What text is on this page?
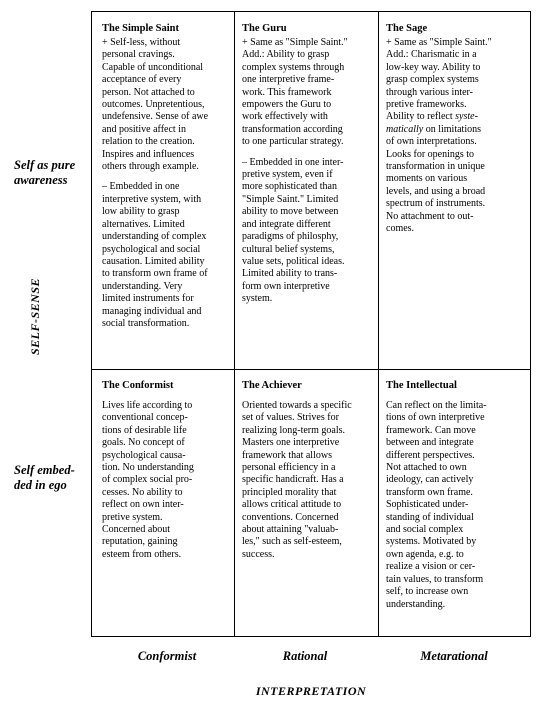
The Simple Saint

+ Self-less, without
personal cravings.
Capable of unconditional
acceptance of every
person. Not attached to
outcomes. Unpretentious,
undefensive. Sense of awe
and positive affect in
relation to the creation.
Inspires and influences
others through example.

– Embedded in one
interpretive system, with
low ability to grasp
alternatives. Limited
understanding of complex
psychological and social
causation. Limited ability
to transform own frame of
understanding. Very
limited instruments for
managing individual and
social transformation.

The Guru

+ Same as "Simple Saint."
Add.: Ability to grasp
complex systems through
one interpretive frame-
work. This framework
empowers the Guru to
work effectively with
transformation according
to one particular strategy.

– Embedded in one inter-
pretive system, even if
more sophisticated than
"Simple Saint." Limited
ability to move between
and integrate different
paradigms of philosphy,
cultural belief systems,
value sets, political ideas.
Limited ability to trans-
form own interpretive
system.

The Sage

+ Same as "Simple Saint."
Add.: Charismatic in a
low-key way. Ability to
grasp complex systems
through various inter-
pretive frameworks.
Ability to reflect syste-
matically on limitations
of own interpretations.
Looks for openings to
transformation in unique
moments on various
levels, and using a broad
spectrum of instruments.
No attachment to out-
comes.

The Conformist

Lives life according to
conventional concep-
tions of desirable life
goals. No concept of
psychological causa-
tion. No understanding
of complex social pro-
cesses. No ability to
reflect on own inter-
pretive system.
Concerned about
reputation, gaining
esteem from others.

The Achiever

Oriented towards a specific
set of values. Strives for
realizing long-term goals.
Masters one interpretive
framework that allows
personal efficiency in a
specific handicraft. Has a
principled morality that
allows critical attitude to
conventions. Concerned
about attaining "valuab-
les," such as self-esteem,
success.

The Intellectual

Can reflect on the limita-
tions of own interpretive
framework. Can move
between and integrate
different perspectives.
Not attached to own
ideology, can actively
transform own frame.
Sophisticated under-
standing of individual
and social complex
systems. Motivated by
own agenda, e.g. to
realize a vision or cer-
tain values, to transform
self, to increase own
understanding.

Self as pure
awareness
Self embed-
ded in ego
SELF-SENSE
Conformist	Rational	Metarational
INTERPRETATION
